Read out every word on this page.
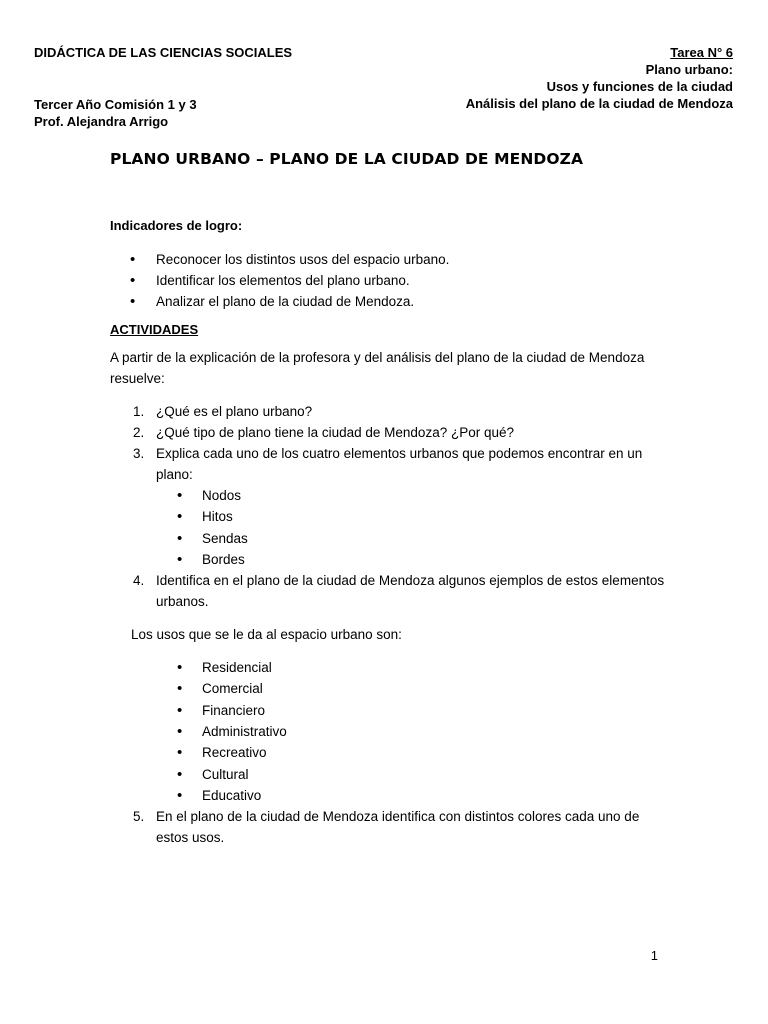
DIDÁCTICA DE LAS CIENCIAS SOCIALES	Tarea N° 6
Plano urbano:
Usos y funciones de la ciudad
Análisis del plano de la ciudad de Mendoza
Tercer Año Comisión 1 y 3
Prof. Alejandra Arrigo
PLANO URBANO – PLANO DE LA CIUDAD DE MENDOZA
Indicadores de logro:
• Reconocer los distintos usos del espacio urbano.
• Identificar los elementos del plano urbano.
• Analizar el plano de la ciudad de Mendoza.
ACTIVIDADES

A partir de la explicación de la profesora y del análisis del plano de la ciudad de Mendoza resuelve:

1. ¿Qué es el plano urbano?
2. ¿Qué tipo de plano tiene la ciudad de Mendoza? ¿Por qué?
3. Explica cada uno de los cuatro elementos urbanos que podemos encontrar en un plano:
• Nodos
• Hitos
• Sendas
• Bordes
4. Identifica en el plano de la ciudad de Mendoza algunos ejemplos de estos elementos urbanos.

Los usos que se le da al espacio urbano son:

• Residencial
• Comercial
• Financiero
• Administrativo
• Recreativo
• Cultural
• Educativo
5. En el plano de la ciudad de Mendoza identifica con distintos colores cada uno de estos usos.
1
